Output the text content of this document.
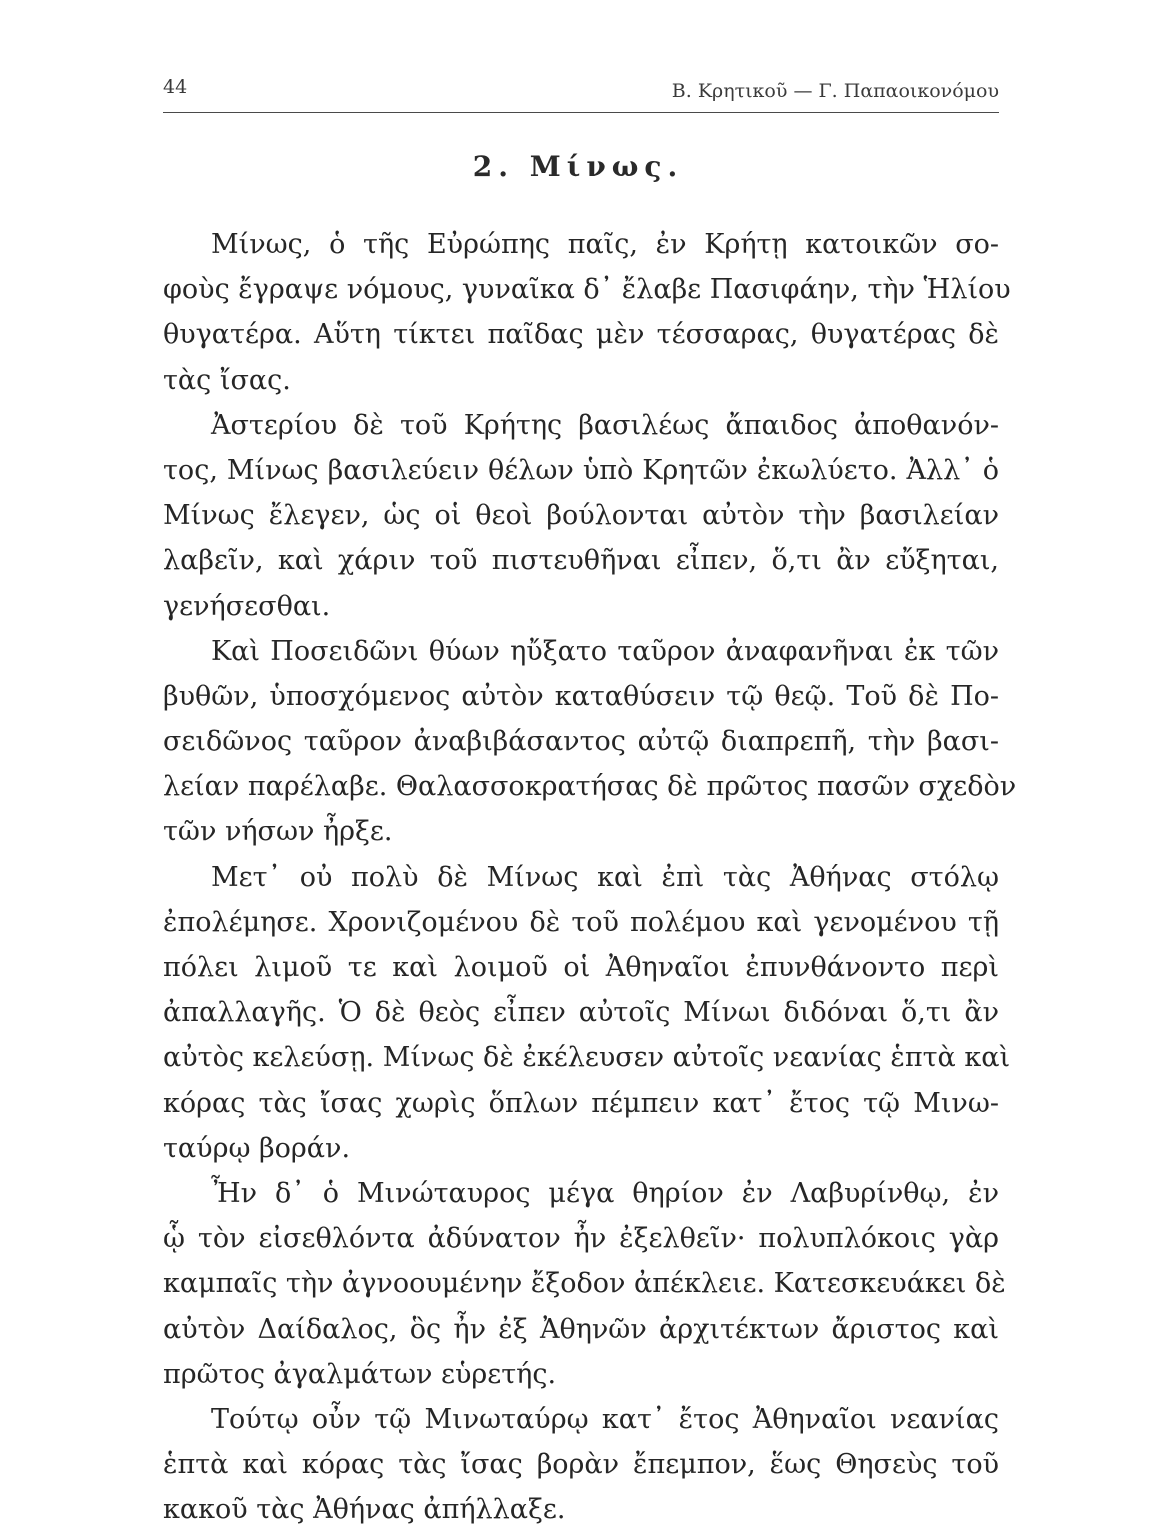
44	Β. Κρητικοῦ — Γ. Παπαοικονόμου
2. Μίνως.
Μίνως, ὁ τῆς Εὐρώπης παῖς, ἐν Κρήτῃ κατοικῶν σο-
φοὺς ἔγραψε νόμους, γυναῖκα δ᾽ ἔλαβε Πασιφάην, τὴν Ἡλίου
θυγατέρα. Αὕτη τίκτει παῖδας μὲν τέσσαρας, θυγατέρας δὲ
τὰς ἴσας.
Ἀστερίου δὲ τοῦ Κρήτης βασιλέως ἄπαιδος ἀποθανόν-
τος, Μίνως βασιλεύειν θέλων ὑπὸ Κρητῶν ἐκωλύετο. Ἀλλ᾽ ὁ
Μίνως ἔλεγεν, ὡς οἱ θεοὶ βούλονται αὐτὸν τὴν βασιλείαν
λαβεῖν, καὶ χάριν τοῦ πιστευθῆναι εἶπεν, ὅ,τι ἂν εὔξηται,
γενήσεσθαι.
Καὶ Ποσειδῶνι θύων ηὔξατο ταῦρον ἀναφανῆναι ἐκ τῶν
βυθῶν, ὑποσχόμενος αὐτὸν καταθύσειν τῷ θεῷ. Τοῦ δὲ Πο-
σειδῶνος ταῦρον ἀναβιβάσαντος αὐτῷ διαπρεπῆ, τὴν βασι-
λείαν παρέλαβε. Θαλασσοκρατήσας δὲ πρῶτος πασῶν σχεδὸν
τῶν νήσων ἦρξε.
Μετ᾽ οὐ πολὺ δὲ Μίνως καὶ ἐπὶ τὰς Ἀθήνας στόλῳ
ἐπολέμησε. Χρονιζομένου δὲ τοῦ πολέμου καὶ γενομένου τῇ
πόλει λιμοῦ τε καὶ λοιμοῦ οἱ Ἀθηναῖοι ἐπυνθάνοντο περὶ
ἀπαλλαγῆς. Ὁ δὲ θεὸς εἶπεν αὐτοῖς Μίνωι διδόναι ὅ,τι ἂν
αὐτὸς κελεύσῃ. Μίνως δὲ ἐκέλευσεν αὐτοῖς νεανίας ἑπτὰ καὶ
κόρας τὰς ἴσας χωρὶς ὅπλων πέμπειν κατ᾽ ἔτος τῷ Μινω-
ταύρῳ βοράν.
Ἦν δ᾽ ὁ Μινώταυρος μέγα θηρίον ἐν Λαβυρίνθῳ, ἐν
ᾧ τὸν εἰσεθλόντα ἀδύνατον ἦν ἐξελθεῖν· πολυπλόκοις γὰρ
καμπαῖς τὴν ἀγνοουμένην ἔξοδον ἀπέκλειε. Κατεσκευάκει δὲ
αὐτὸν Δαίδαλος, ὃς ἦν ἐξ Ἀθηνῶν ἀρχιτέκτων ἄριστος καὶ
πρῶτος ἀγαλμάτων εὑρετής.
Τούτῳ οὖν τῷ Μινωταύρῳ κατ᾽ ἔτος Ἀθηναῖοι νεανίας
ἑπτὰ καὶ κόρας τὰς ἴσας βορὰν ἔπεμπον, ἕως Θησεὺς τοῦ
κακοῦ τὰς Ἀθήνας ἀπήλλαξε.
